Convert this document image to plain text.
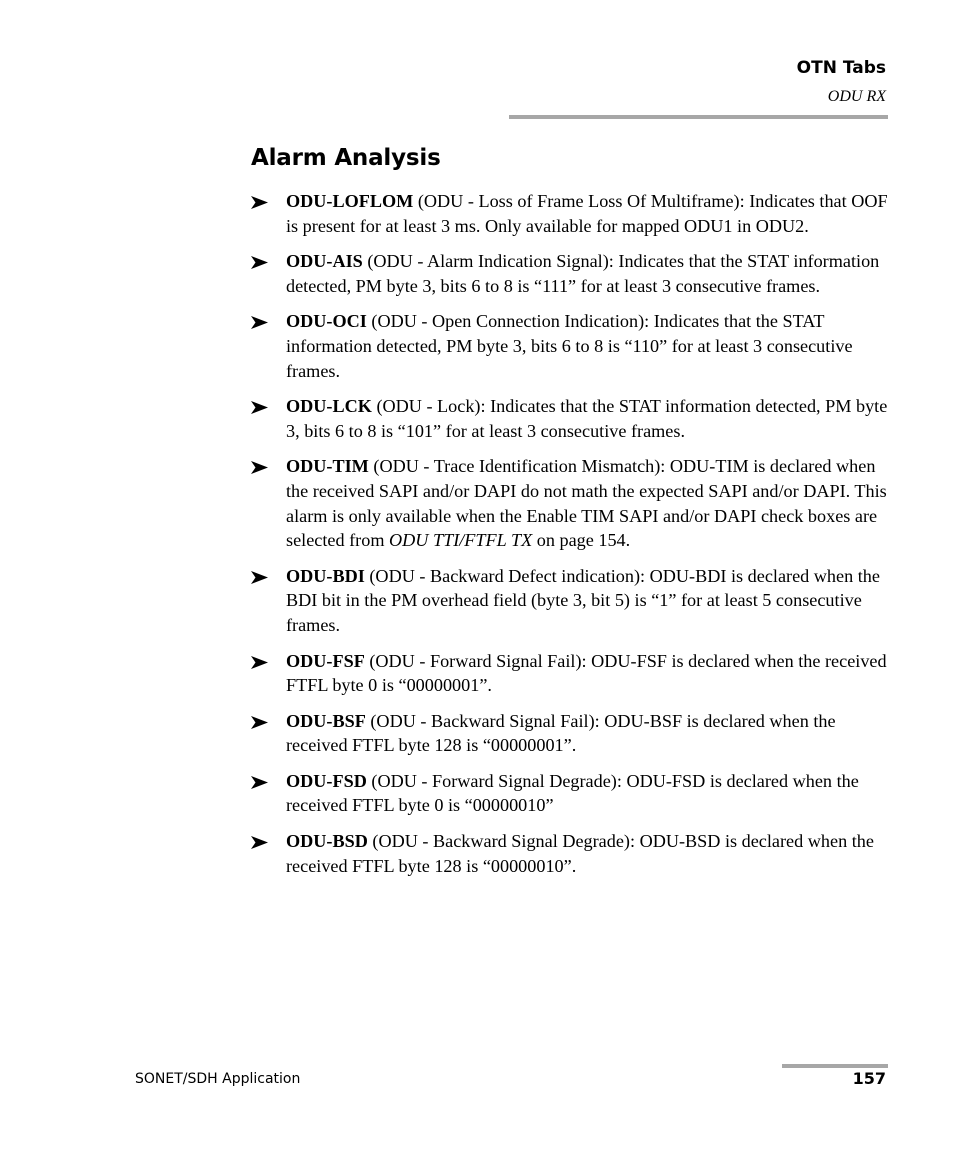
OTN Tabs
ODU RX
Alarm Analysis
ODU-LOFLOM (ODU - Loss of Frame Loss Of Multiframe): Indicates that OOF is present for at least 3 ms. Only available for mapped ODU1 in ODU2.
ODU-AIS (ODU - Alarm Indication Signal): Indicates that the STAT information detected, PM byte 3, bits 6 to 8 is “111” for at least 3 consecutive frames.
ODU-OCI (ODU - Open Connection Indication): Indicates that the STAT information detected, PM byte 3, bits 6 to 8 is “110” for at least 3 consecutive frames.
ODU-LCK (ODU - Lock): Indicates that the STAT information detected, PM byte 3, bits 6 to 8 is “101” for at least 3 consecutive frames.
ODU-TIM (ODU - Trace Identification Mismatch): ODU-TIM is declared when the received SAPI and/or DAPI do not math the expected SAPI and/or DAPI. This alarm is only available when the Enable TIM SAPI and/or DAPI check boxes are selected from ODU TTI/FTFL TX on page 154.
ODU-BDI (ODU - Backward Defect indication): ODU-BDI is declared when the BDI bit in the PM overhead field (byte 3, bit 5) is “1” for at least 5 consecutive frames.
ODU-FSF (ODU - Forward Signal Fail): ODU-FSF is declared when the received FTFL byte 0 is “00000001”.
ODU-BSF (ODU - Backward Signal Fail): ODU-BSF is declared when the received FTFL byte 128 is “00000001”.
ODU-FSD (ODU - Forward Signal Degrade): ODU-FSD is declared when the received FTFL byte 0 is “00000010”
ODU-BSD (ODU - Backward Signal Degrade): ODU-BSD is declared when the received FTFL byte 128 is “00000010”.
SONET/SDH Application	157
